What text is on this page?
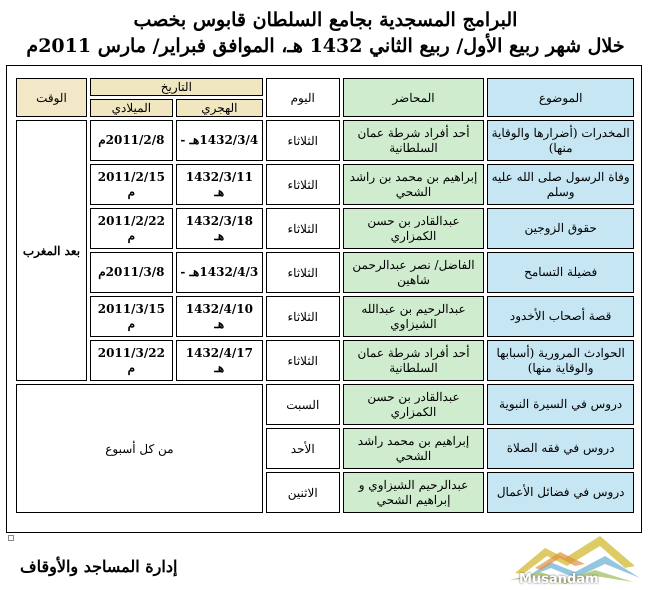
البرامج المسجدية بجامع السلطان قابوس بخصب
خلال شهر ربيع الأول/ ربيع الثاني 1432 هـ، الموافق فبراير/ مارس 2011م
الموضوع	المحاضر	اليوم	التاريخ		الوقت
			الهجري	الميلادي	
المخدرات (أضرارها والوقاية منها)	أحد أفراد شرطة عمان السلطانية	الثلاثاء	1432/3/4هـ -	2011/2/8م	بعد المغرب
وفاة الرسول صلى الله عليه وسلم	إبراهيم بن محمد بن راشد الشحي	الثلاثاء	1432/3/11 هـ	2011/2/15 م	
حقوق الزوجين	عبدالقادر بن حسن الكمزاري	الثلاثاء	1432/3/18 هـ	2011/2/22 م	
فضيلة التسامح	الفاضل/ نصر عبدالرحمن شاهين	الثلاثاء	1432/4/3هـ -	2011/3/8م	
قصة أصحاب الأخدود	عبدالرحيم بن عبدالله الشيزاوي	الثلاثاء	1432/4/10 هـ	2011/3/15 م	
الحوادث المرورية (أسبابها والوقاية منها)	أحد أفراد شرطة عمان السلطانية	الثلاثاء	1432/4/17 هـ	2011/3/22 م	
دروس في السيرة النبوية	عبدالقادر بن حسن الكمزاري	السبت	من كل أسبوع		
دروس في فقه الصلاة	إبراهيم بن محمد راشد الشحي	الأحد			
دروس في فضائل الأعمال	عبدالرحيم الشيزاوي و إبراهيم الشحي	الاثنين			
إدارة المساجد والأوقاف
Musandam
